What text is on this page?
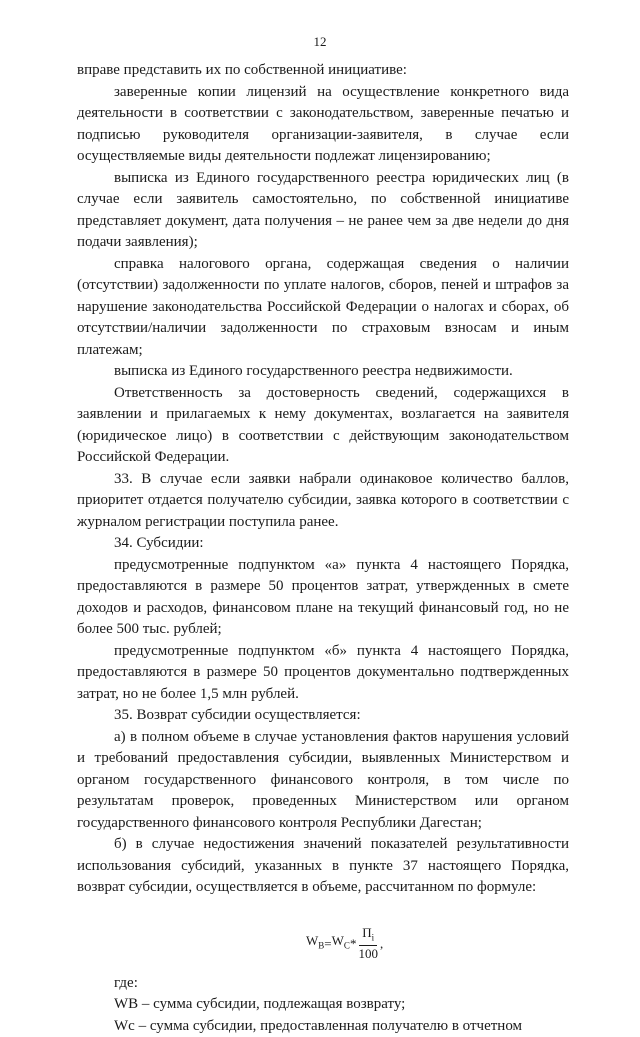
12

вправе представить их по собственной инициативе:

заверенные копии лицензий на осуществление конкретного вида деятельности в соответствии с законодательством, заверенные печатью и подписью руководителя организации-заявителя, в случае если осуществляемые виды деятельности подлежат лицензированию;

выписка из Единого государственного реестра юридических лиц (в случае если заявитель самостоятельно, по собственной инициативе представляет документ, дата получения – не ранее чем за две недели до дня подачи заявления);

справка налогового органа, содержащая сведения о наличии (отсутствии) задолженности по уплате налогов, сборов, пеней и штрафов за нарушение законодательства Российской Федерации о налогах и сборах, об отсутствии/наличии задолженности по страховым взносам и иным платежам;

выписка из Единого государственного реестра недвижимости.

Ответственность за достоверность сведений, содержащихся в заявлении и прилагаемых к нему документах, возлагается на заявителя (юридическое лицо) в соответствии с действующим законодательством Российской Федерации.

33. В случае если заявки набрали одинаковое количество баллов, приоритет отдается получателю субсидии, заявка которого в соответствии с журналом регистрации поступила ранее.

34. Субсидии:

предусмотренные подпунктом «а» пункта 4 настоящего Порядка, предоставляются в размере 50 процентов затрат, утвержденных в смете доходов и расходов, финансовом плане на текущий финансовый год, но не более 500 тыс. рублей;

предусмотренные подпунктом «б» пункта 4 настоящего Порядка, предоставляются в размере 50 процентов документально подтвержденных затрат, но не более 1,5 млн рублей.

35. Возврат субсидии осуществляется:

а) в полном объеме в случае установления фактов нарушения условий и требований предоставления субсидии, выявленных Министерством и органом государственного финансового контроля, в том числе по результатам проверок, проведенных Министерством или органом государственного финансового контроля Республики Дагестан;

б) в случае недостижения значений показателей результативности использования субсидий, указанных в пункте 37 настоящего Порядка, возврат субсидии, осуществляется в объеме, рассчитанном по формуле:

$W_В = W_С * \frac{П_i}{100}$ ,

где:

WВ – сумма субсидии, подлежащая возврату;

Wc – сумма субсидии, предоставленная получателю в отчетном
